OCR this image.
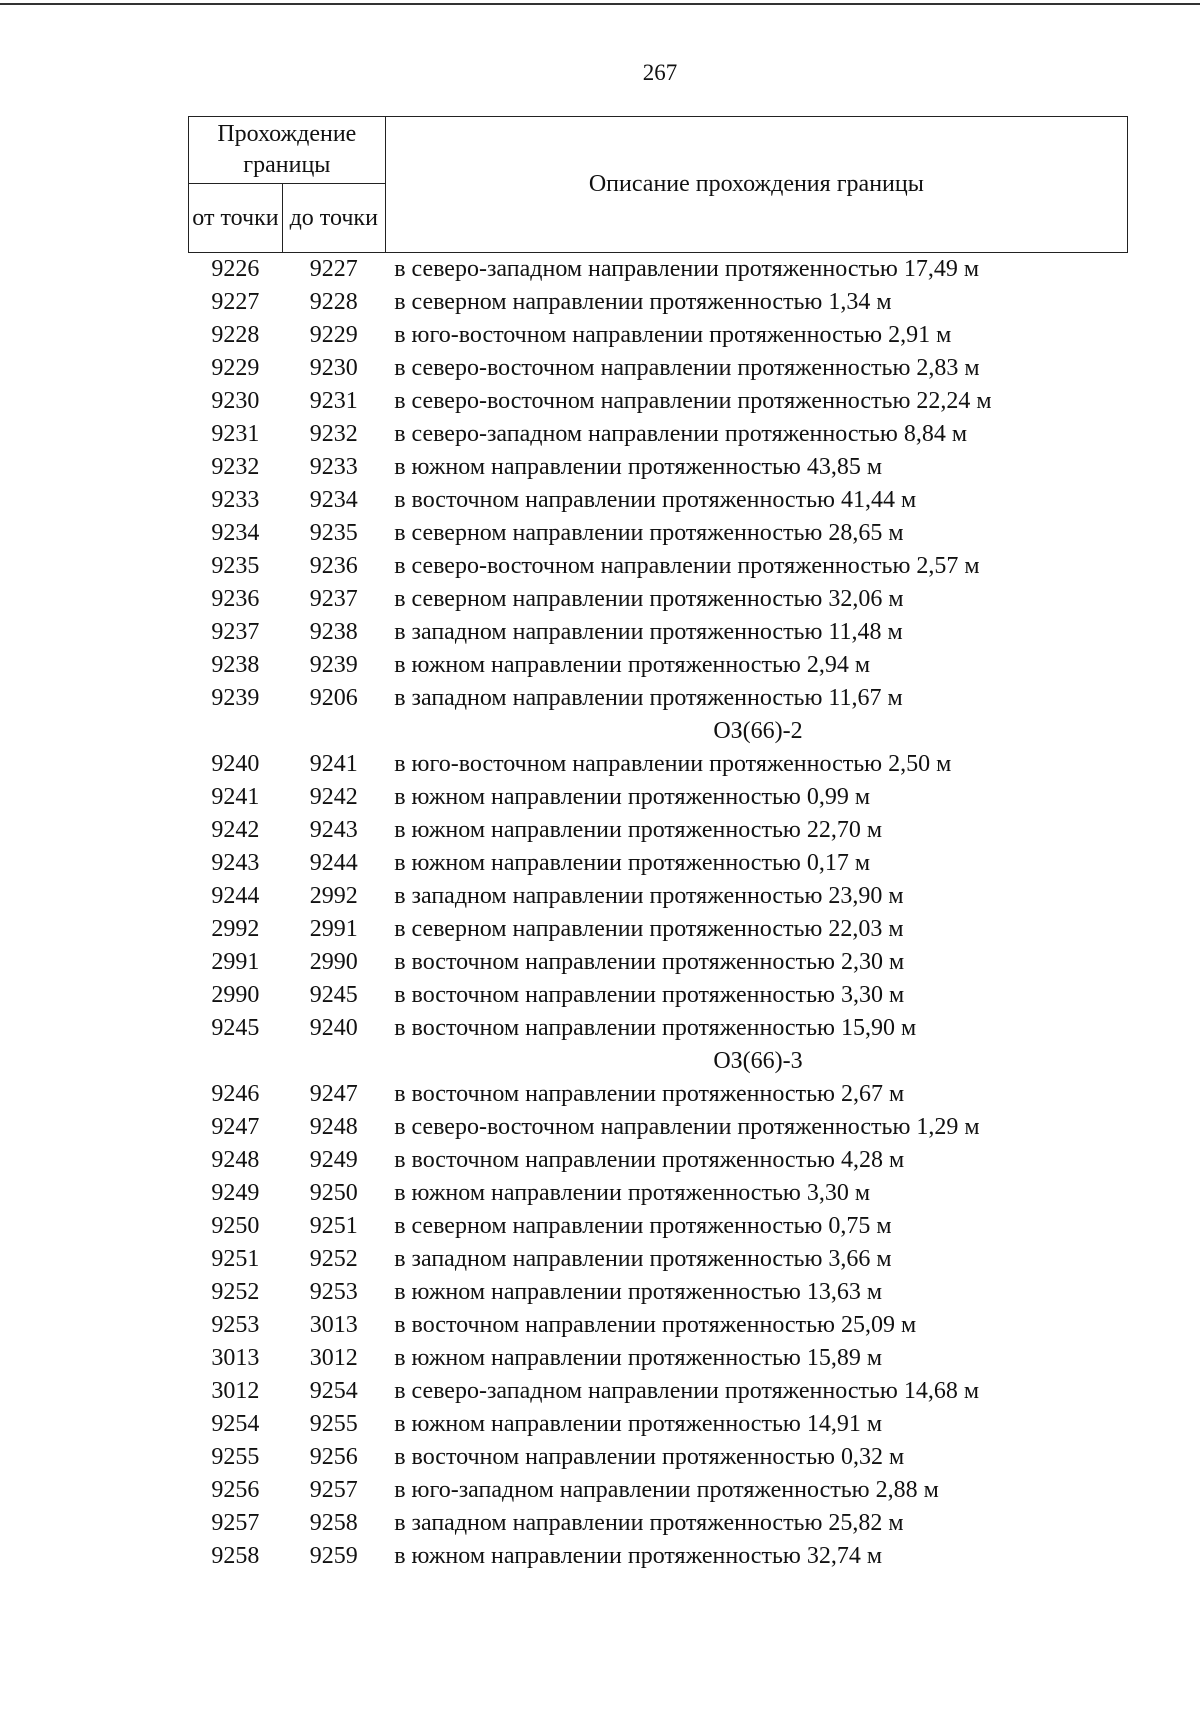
267
Прохождение границы		Описание прохождения границы
от точки	до точки	
9226	9227	в северо-западном направлении протяженностью 17,49 м
9227	9228	в северном направлении протяженностью 1,34 м
9228	9229	в юго-восточном направлении протяженностью 2,91 м
9229	9230	в северо-восточном направлении протяженностью 2,83 м
9230	9231	в северо-восточном направлении протяженностью 22,24 м
9231	9232	в северо-западном направлении протяженностью 8,84 м
9232	9233	в южном направлении протяженностью 43,85 м
9233	9234	в восточном направлении протяженностью 41,44 м
9234	9235	в северном направлении протяженностью 28,65 м
9235	9236	в северо-восточном направлении протяженностью 2,57 м
9236	9237	в северном направлении протяженностью 32,06 м
9237	9238	в западном направлении протяженностью 11,48 м
9238	9239	в южном направлении протяженностью 2,94 м
9239	9206	в западном направлении протяженностью 11,67 м
ОЗ(66)-2		
9240	9241	в юго-восточном направлении протяженностью 2,50 м
9241	9242	в южном направлении протяженностью 0,99 м
9242	9243	в южном направлении протяженностью 22,70 м
9243	9244	в южном направлении протяженностью 0,17 м
9244	2992	в западном направлении протяженностью 23,90 м
2992	2991	в северном направлении протяженностью 22,03 м
2991	2990	в восточном направлении протяженностью 2,30 м
2990	9245	в восточном направлении протяженностью 3,30 м
9245	9240	в восточном направлении протяженностью 15,90 м
ОЗ(66)-3		
9246	9247	в восточном направлении протяженностью 2,67 м
9247	9248	в северо-восточном направлении протяженностью 1,29 м
9248	9249	в восточном направлении протяженностью 4,28 м
9249	9250	в южном направлении протяженностью 3,30 м
9250	9251	в северном направлении протяженностью 0,75 м
9251	9252	в западном направлении протяженностью 3,66 м
9252	9253	в южном направлении протяженностью 13,63 м
9253	3013	в восточном направлении протяженностью 25,09 м
3013	3012	в южном направлении протяженностью 15,89 м
3012	9254	в северо-западном направлении протяженностью 14,68 м
9254	9255	в южном направлении протяженностью 14,91 м
9255	9256	в восточном направлении протяженностью 0,32 м
9256	9257	в юго-западном направлении протяженностью 2,88 м
9257	9258	в западном направлении протяженностью 25,82 м
9258	9259	в южном направлении протяженностью 32,74 м
